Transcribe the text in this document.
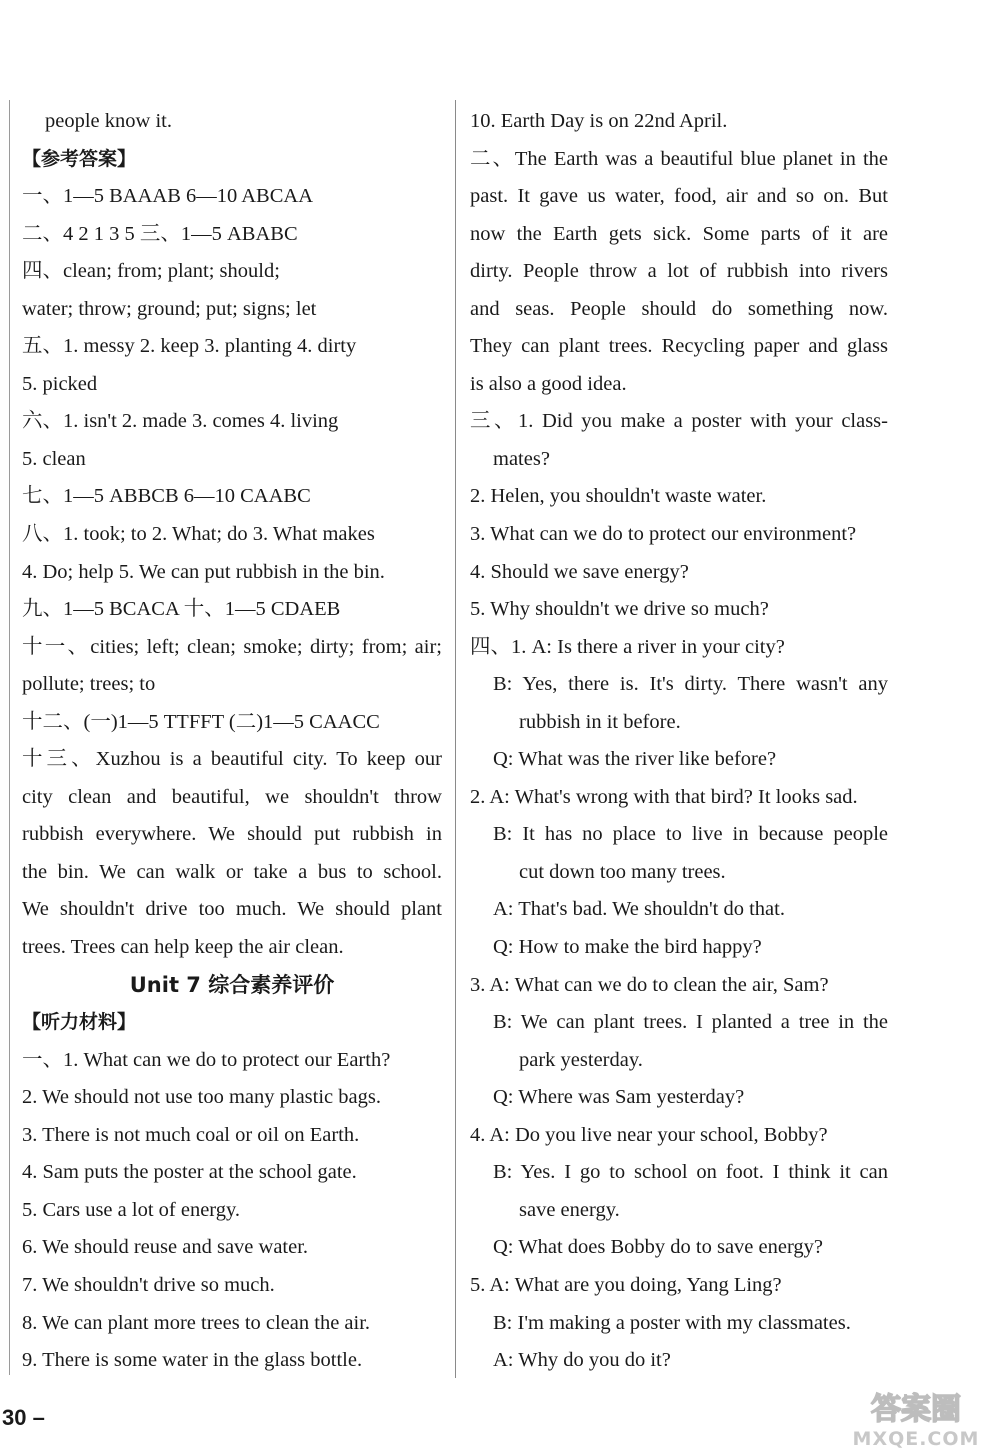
people know it.
【参考答案】
一、1—5 BAAAB 6—10 ABCAA
二、4 2 1 3 5 三、1—5 ABABC
四、clean; from; plant; should;
water; throw; ground; put; signs; let
五、1. messy 2. keep 3. planting 4. dirty
5. picked
六、1. isn't 2. made 3. comes 4. living
5. clean
七、1—5 ABBCB 6—10 CAABC
八、1. took; to 2. What; do 3. What makes
4. Do; help 5. We can put rubbish in the bin.
九、1—5 BCACA 十、1—5 CDAEB
十一、cities; left; clean; smoke; dirty; from; air;
pollute; trees; to
十二、(一)1—5 TTFFT (二)1—5 CAACC
十三、Xuzhou is a beautiful city. To keep our
city clean and beautiful, we shouldn't throw
rubbish everywhere. We should put rubbish in
the bin. We can walk or take a bus to school.
We shouldn't drive too much. We should plant
trees. Trees can help keep the air clean.
Unit 7 综合素养评价
【听力材料】
一、1. What can we do to protect our Earth?
2. We should not use too many plastic bags.
3. There is not much coal or oil on Earth.
4. Sam puts the poster at the school gate.
5. Cars use a lot of energy.
6. We should reuse and save water.
7. We shouldn't drive so much.
8. We can plant more trees to clean the air.
9. There is some water in the glass bottle.
10. Earth Day is on 22nd April.
二、The Earth was a beautiful blue planet in the
past. It gave us water, food, air and so on. But
now the Earth gets sick. Some parts of it are
dirty. People throw a lot of rubbish into rivers
and seas. People should do something now.
They can plant trees. Recycling paper and glass
is also a good idea.
三、1. Did you make a poster with your class-
mates?
2. Helen, you shouldn't waste water.
3. What can we do to protect our environment?
4. Should we save energy?
5. Why shouldn't we drive so much?
四、1. A: Is there a river in your city?
B: Yes, there is. It's dirty. There wasn't any
rubbish in it before.
Q: What was the river like before?
2. A: What's wrong with that bird? It looks sad.
B: It has no place to live in because people
cut down too many trees.
A: That's bad. We shouldn't do that.
Q: How to make the bird happy?
3. A: What can we do to clean the air, Sam?
B: We can plant trees. I planted a tree in the
park yesterday.
Q: Where was Sam yesterday?
4. A: Do you live near your school, Bobby?
B: Yes. I go to school on foot. I think it can
save energy.
Q: What does Bobby do to save energy?
5. A: What are you doing, Yang Ling?
B: I'm making a poster with my classmates.
A: Why do you do it?
30 –	答案圈
MXQE.COM
